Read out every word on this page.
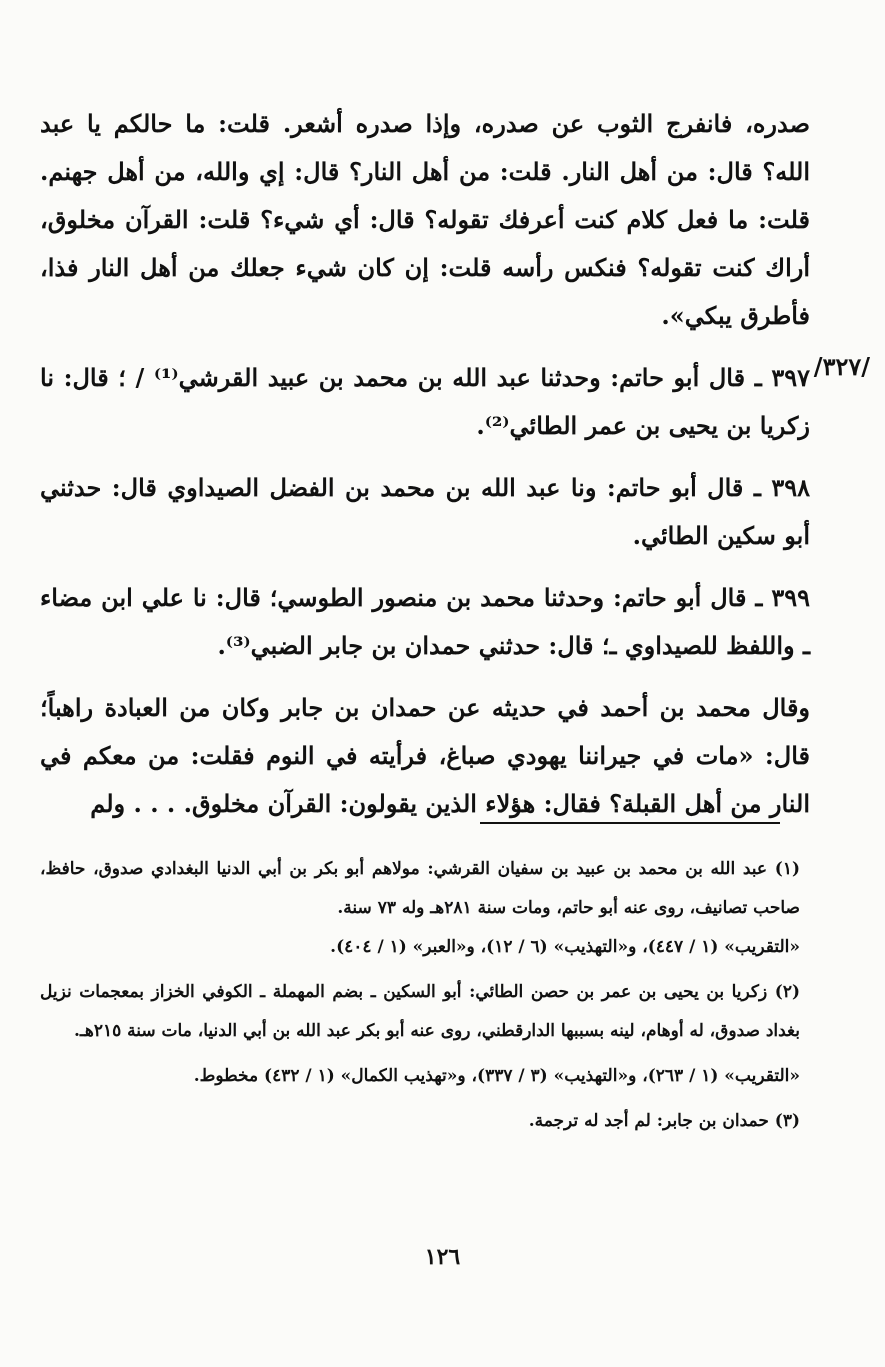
/٣٢٧/

صدره، فانفرج الثوب عن صدره، وإذا صدره أشعر. قلت: ما حالكم يا عبد الله؟ قال: من أهل النار. قلت: من أهل النار؟ قال: إي والله، من أهل جهنم. قلت: ما فعل كلام كنت أعرفك تقوله؟ قال: أي شيء؟ قلت: القرآن مخلوق، أراك كنت تقوله؟ فنكس رأسه قلت: إن كان شيء جعلك من أهل النار فذا، فأطرق يبكي».

٣٩٧ ـ قال أبو حاتم: وحدثنا عبد الله بن محمد بن عبيد القرشي⁽¹⁾ / ؛ قال: نا زكريا بن يحيى بن عمر الطائي⁽²⁾.

٣٩٨ ـ قال أبو حاتم: ونا عبد الله بن محمد بن الفضل الصيداوي قال: حدثني أبو سكين الطائي.

٣٩٩ ـ قال أبو حاتم: وحدثنا محمد بن منصور الطوسي؛ قال: نا علي ابن مضاء ـ واللفظ للصيداوي ـ؛ قال: حدثني حمدان بن جابر الضبي⁽³⁾.

وقال محمد بن أحمد في حديثه عن حمدان بن جابر وكان من العبادة راهباً؛ قال: «مات في جيراننا يهودي صباغ، فرأيته في النوم فقلت: من معكم في النار من أهل القبلة؟ فقال: هؤلاء الذين يقولون: القرآن مخلوق. . . . ولم

(١) عبد الله بن محمد بن عبيد بن سفيان القرشي: مولاهم أبو بكر بن أبي الدنيا البغدادي صدوق، حافظ، صاحب تصانيف، روى عنه أبو حاتم، ومات سنة ٢٨١هـ وله ٧٣ سنة.

«التقريب» (١ / ٤٤٧)، و«التهذيب» (٦ / ١٢)، و«العبر» (١ / ٤٠٤).

(٢) زكريا بن يحيى بن عمر بن حصن الطائي: أبو السكين ـ بضم المهملة ـ الكوفي الخزاز بمعجمات نزيل بغداد صدوق، له أوهام، لينه بسببها الدارقطني، روى عنه أبو بكر عبد الله بن أبي الدنيا، مات سنة ٢١٥هـ.

«التقريب» (١ / ٢٦٣)، و«التهذيب» (٣ / ٣٣٧)، و«تهذيب الكمال» (١ / ٤٣٢) مخطوط.

(٣) حمدان بن جابر: لم أجد له ترجمة.

١٢٦
